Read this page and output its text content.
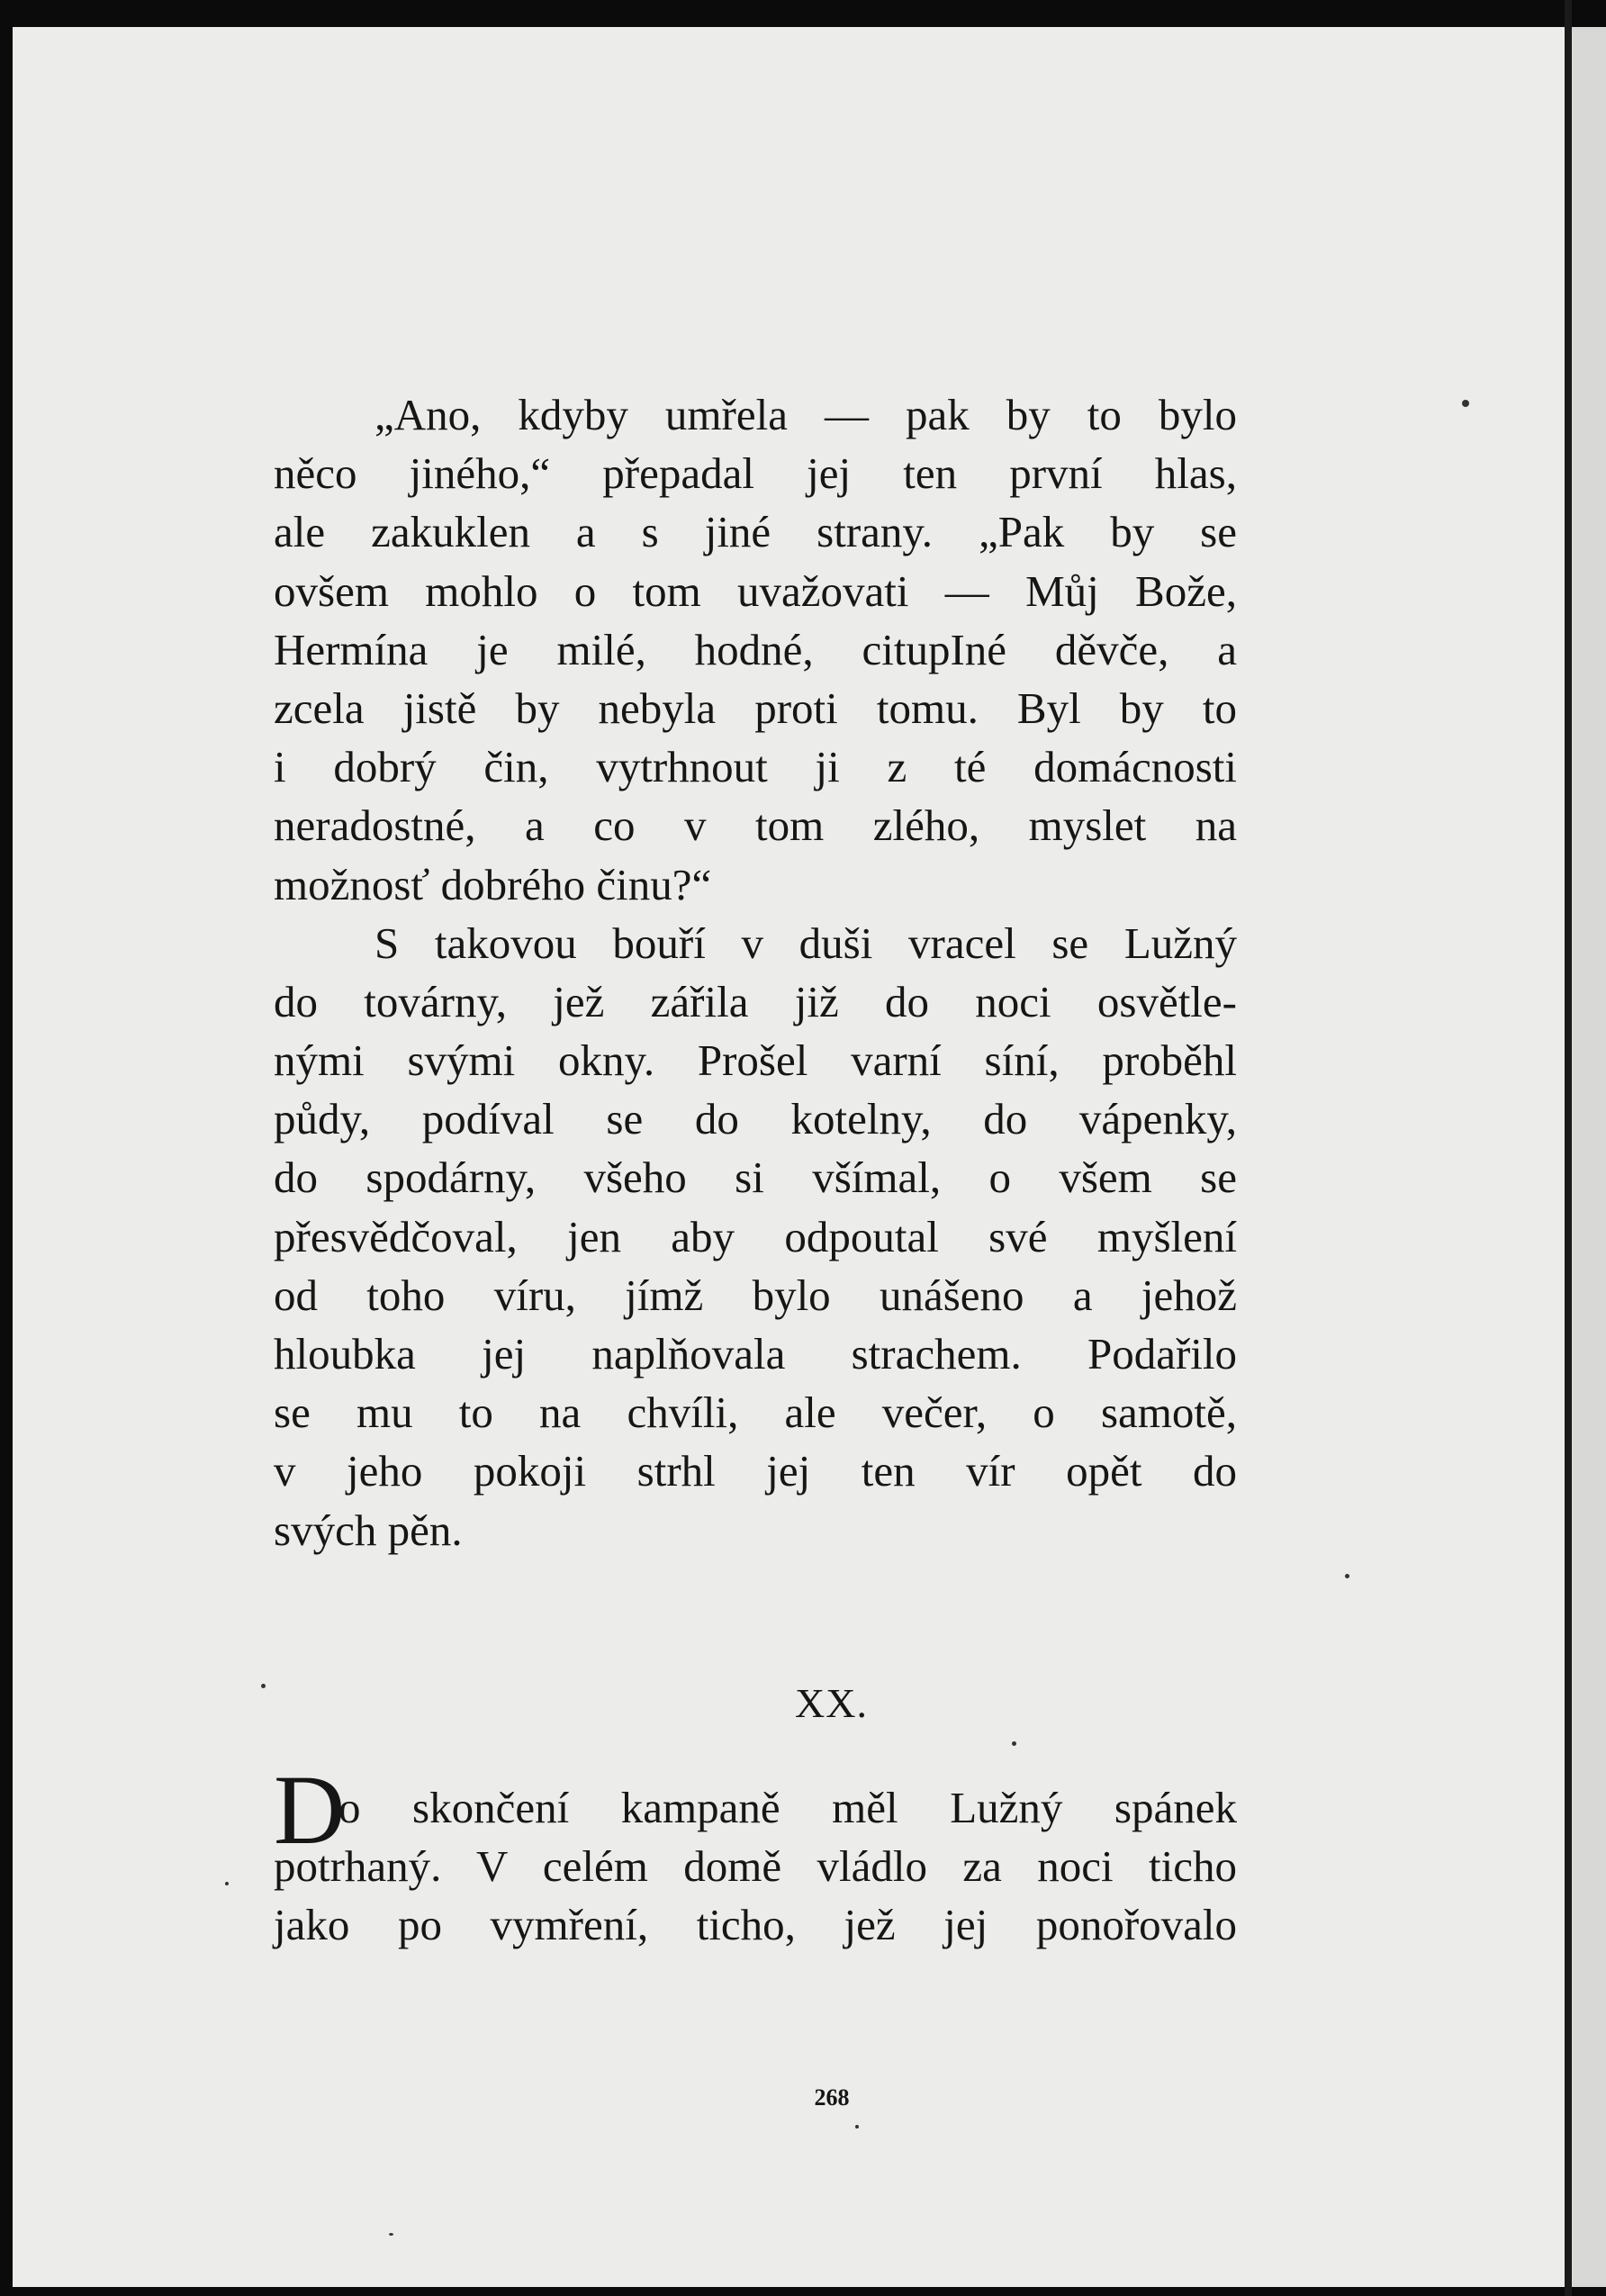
„Ano, kdyby umřela — pak by to bylo
něco jiného,“ přepadal jej ten první hlas,
ale zakuklen a s jiné strany. „Pak by se
ovšem mohlo o tom uvažovati — Můj Bože,
Hermína je milé, hodné, citupIné děvče, a
zcela jistě by nebyla proti tomu. Byl by to
i dobrý čin, vytrhnout ji z té domácnosti
neradostné, a co v tom zlého, myslet na
možnosť dobrého činu?“
S takovou bouří v duši vracel se Lužný
do továrny, jež zářila již do noci osvětle-
nými svými okny. Prošel varní síní, proběhl
půdy, podíval se do kotelny, do vápenky,
do spodárny, všeho si všímal, o všem se
přesvědčoval, jen aby odpoutal své myšlení
od toho víru, jímž bylo unášeno a jehož
hloubka jej naplňovala strachem. Podařilo
se mu to na chvíli, ale večer, o samotě,
v jeho pokoji strhl jej ten vír opět do
svých pěn.
XX.
D
o skončení kampaně měl Lužný spánek
potrhaný. V celém domě vládlo za noci ticho
jako po vymření, ticho, jež jej ponořovalo
268
